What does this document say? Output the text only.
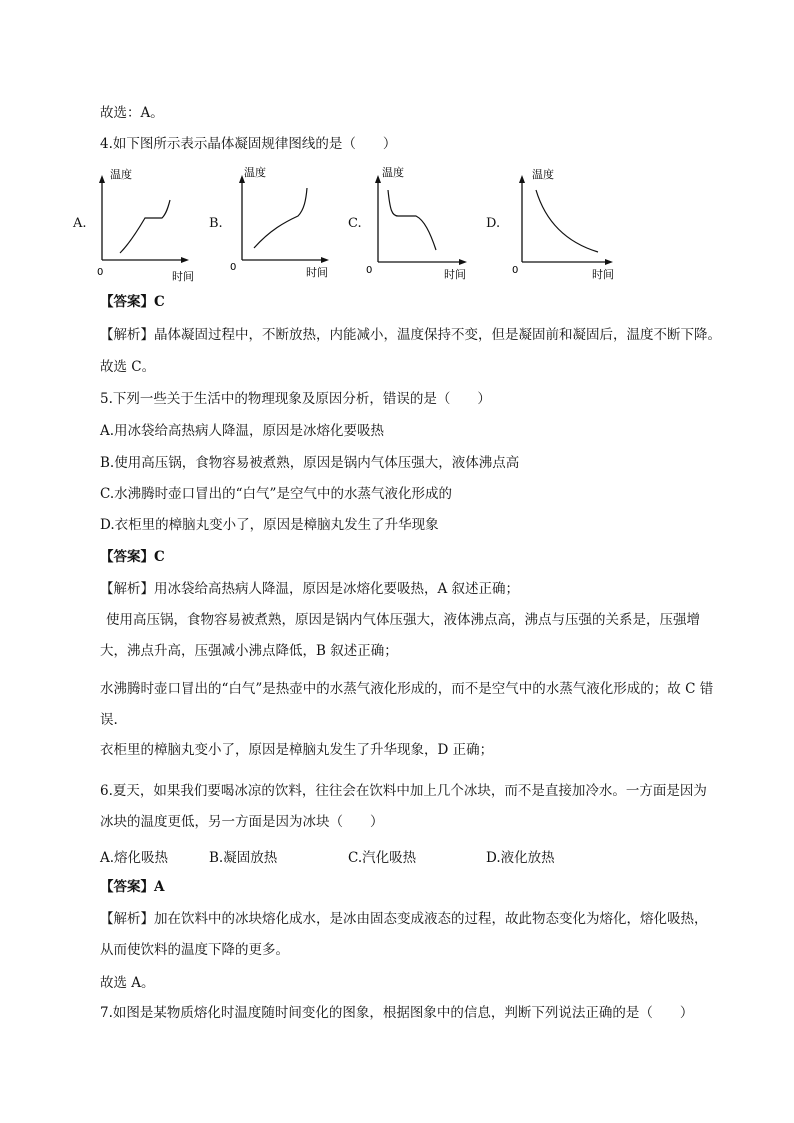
故选：A。
4.如下图所示表示晶体凝固规律图线的是（　　）
A.	B.	C.	D.
温度
0	时间
温度
0	时间
温度
0	时间
温度
0	时间
【答案】C
【解析】晶体凝固过程中，不断放热，内能减小，温度保持不变，但是凝固前和凝固后，温度不断下降。
故选 C。
5.下列一些关于生活中的物理现象及原因分析，错误的是（　　）
A.用冰袋给高热病人降温，原因是冰熔化要吸热
B.使用高压锅，食物容易被煮熟，原因是锅内气体压强大，液体沸点高
C.水沸腾时壶口冒出的“白气”是空气中的水蒸气液化形成的
D.衣柜里的樟脑丸变小了，原因是樟脑丸发生了升华现象
【答案】C
【解析】用冰袋给高热病人降温，原因是冰熔化要吸热，A 叙述正确；
使用高压锅，食物容易被煮熟，原因是锅内气体压强大，液体沸点高，沸点与压强的关系是，压强增大，沸点升高，压强减小沸点降低，B 叙述正确；
水沸腾时壶口冒出的“白气”是热壶中的水蒸气液化形成的，而不是空气中的水蒸气液化形成的；故 C 错误.
衣柜里的樟脑丸变小了，原因是樟脑丸发生了升华现象，D 正确；
6.夏天，如果我们要喝冰凉的饮料，往往会在饮料中加上几个冰块，而不是直接加冷水。一方面是因为冰块的温度更低，另一方面是因为冰块（　　）
A.熔化吸热	B.凝固放热	C.汽化吸热	D.液化放热
【答案】A
【解析】加在饮料中的冰块熔化成水，是冰由固态变成液态的过程，故此物态变化为熔化，熔化吸热，从而使饮料的温度下降的更多。
故选 A。
7.如图是某物质熔化时温度随时间变化的图象，根据图象中的信息，判断下列说法正确的是（　　）
